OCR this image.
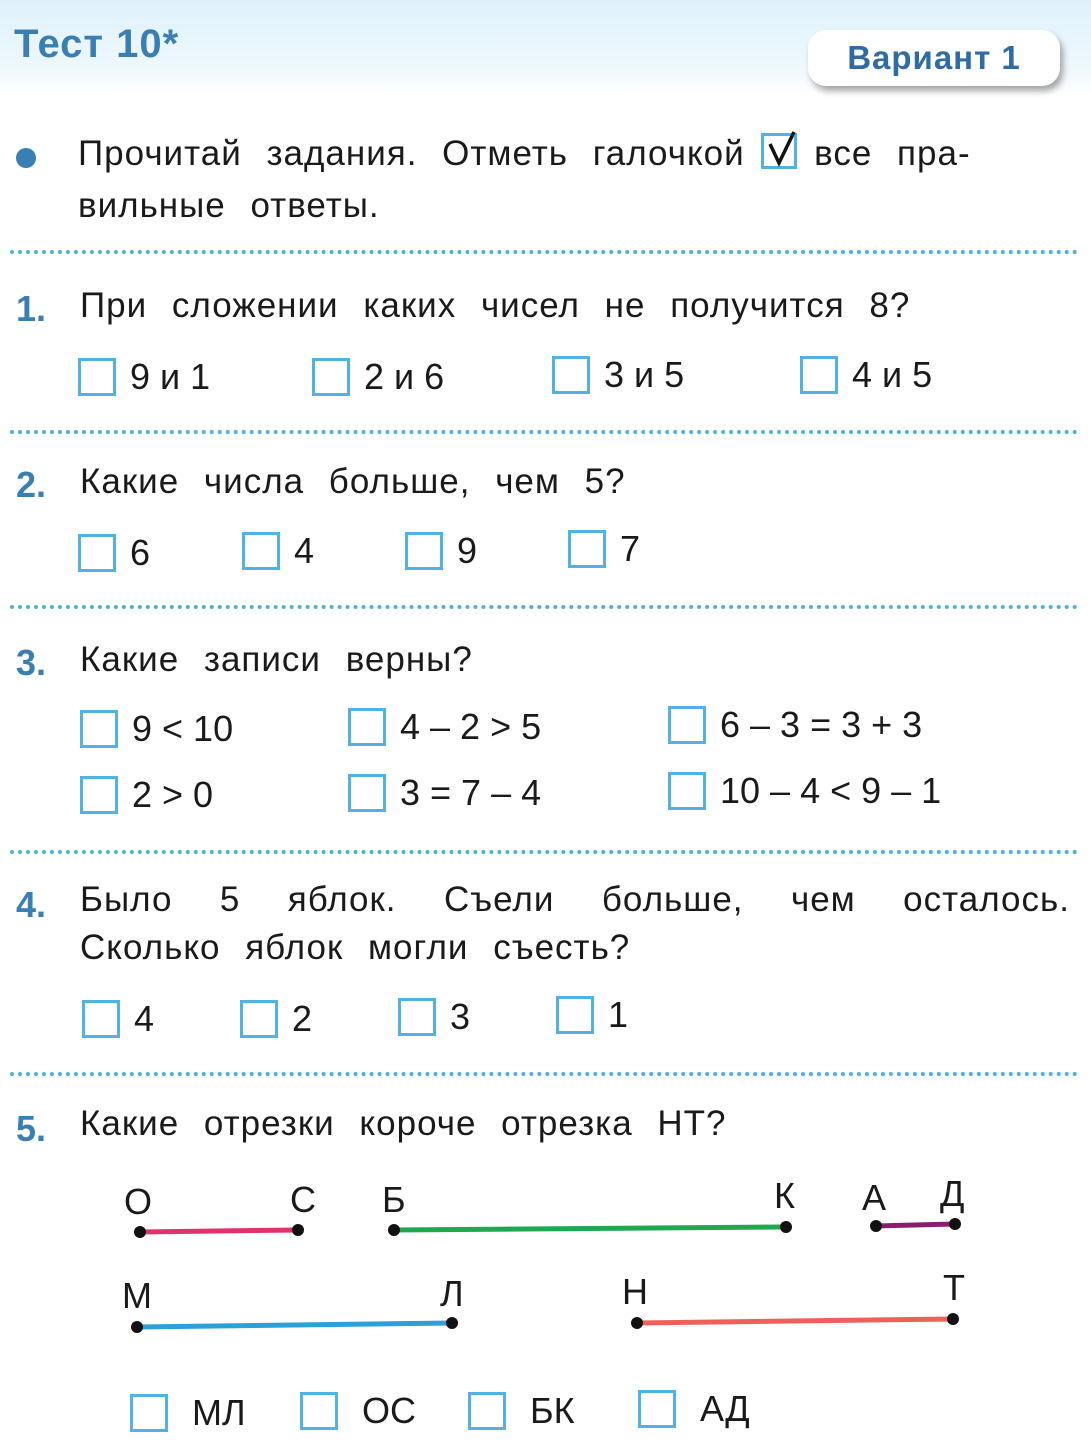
Тест 10*	Вариант 1
Прочитай задания. Отметь галочкой все пра-
вильные ответы.
1. При сложении каких чисел не получится 8?
9 и 1	2 и 6	3 и 5	4 и 5
2. Какие числа больше, чем 5?
6	4	9	7
3. Какие записи верны?
9 < 10	4 – 2 > 5	6 – 3 = 3 + 3
2 > 0	3 = 7 – 4	10 – 4 < 9 – 1
4. Было 5 яблок. Съели больше, чем осталось.
Сколько яблок могли съесть?
4	2	3	1
5. Какие отрезки короче отрезка НТ?
О	С Б	К А Д
М	Л	Н	Т
МЛ	ОС	БК	АД
